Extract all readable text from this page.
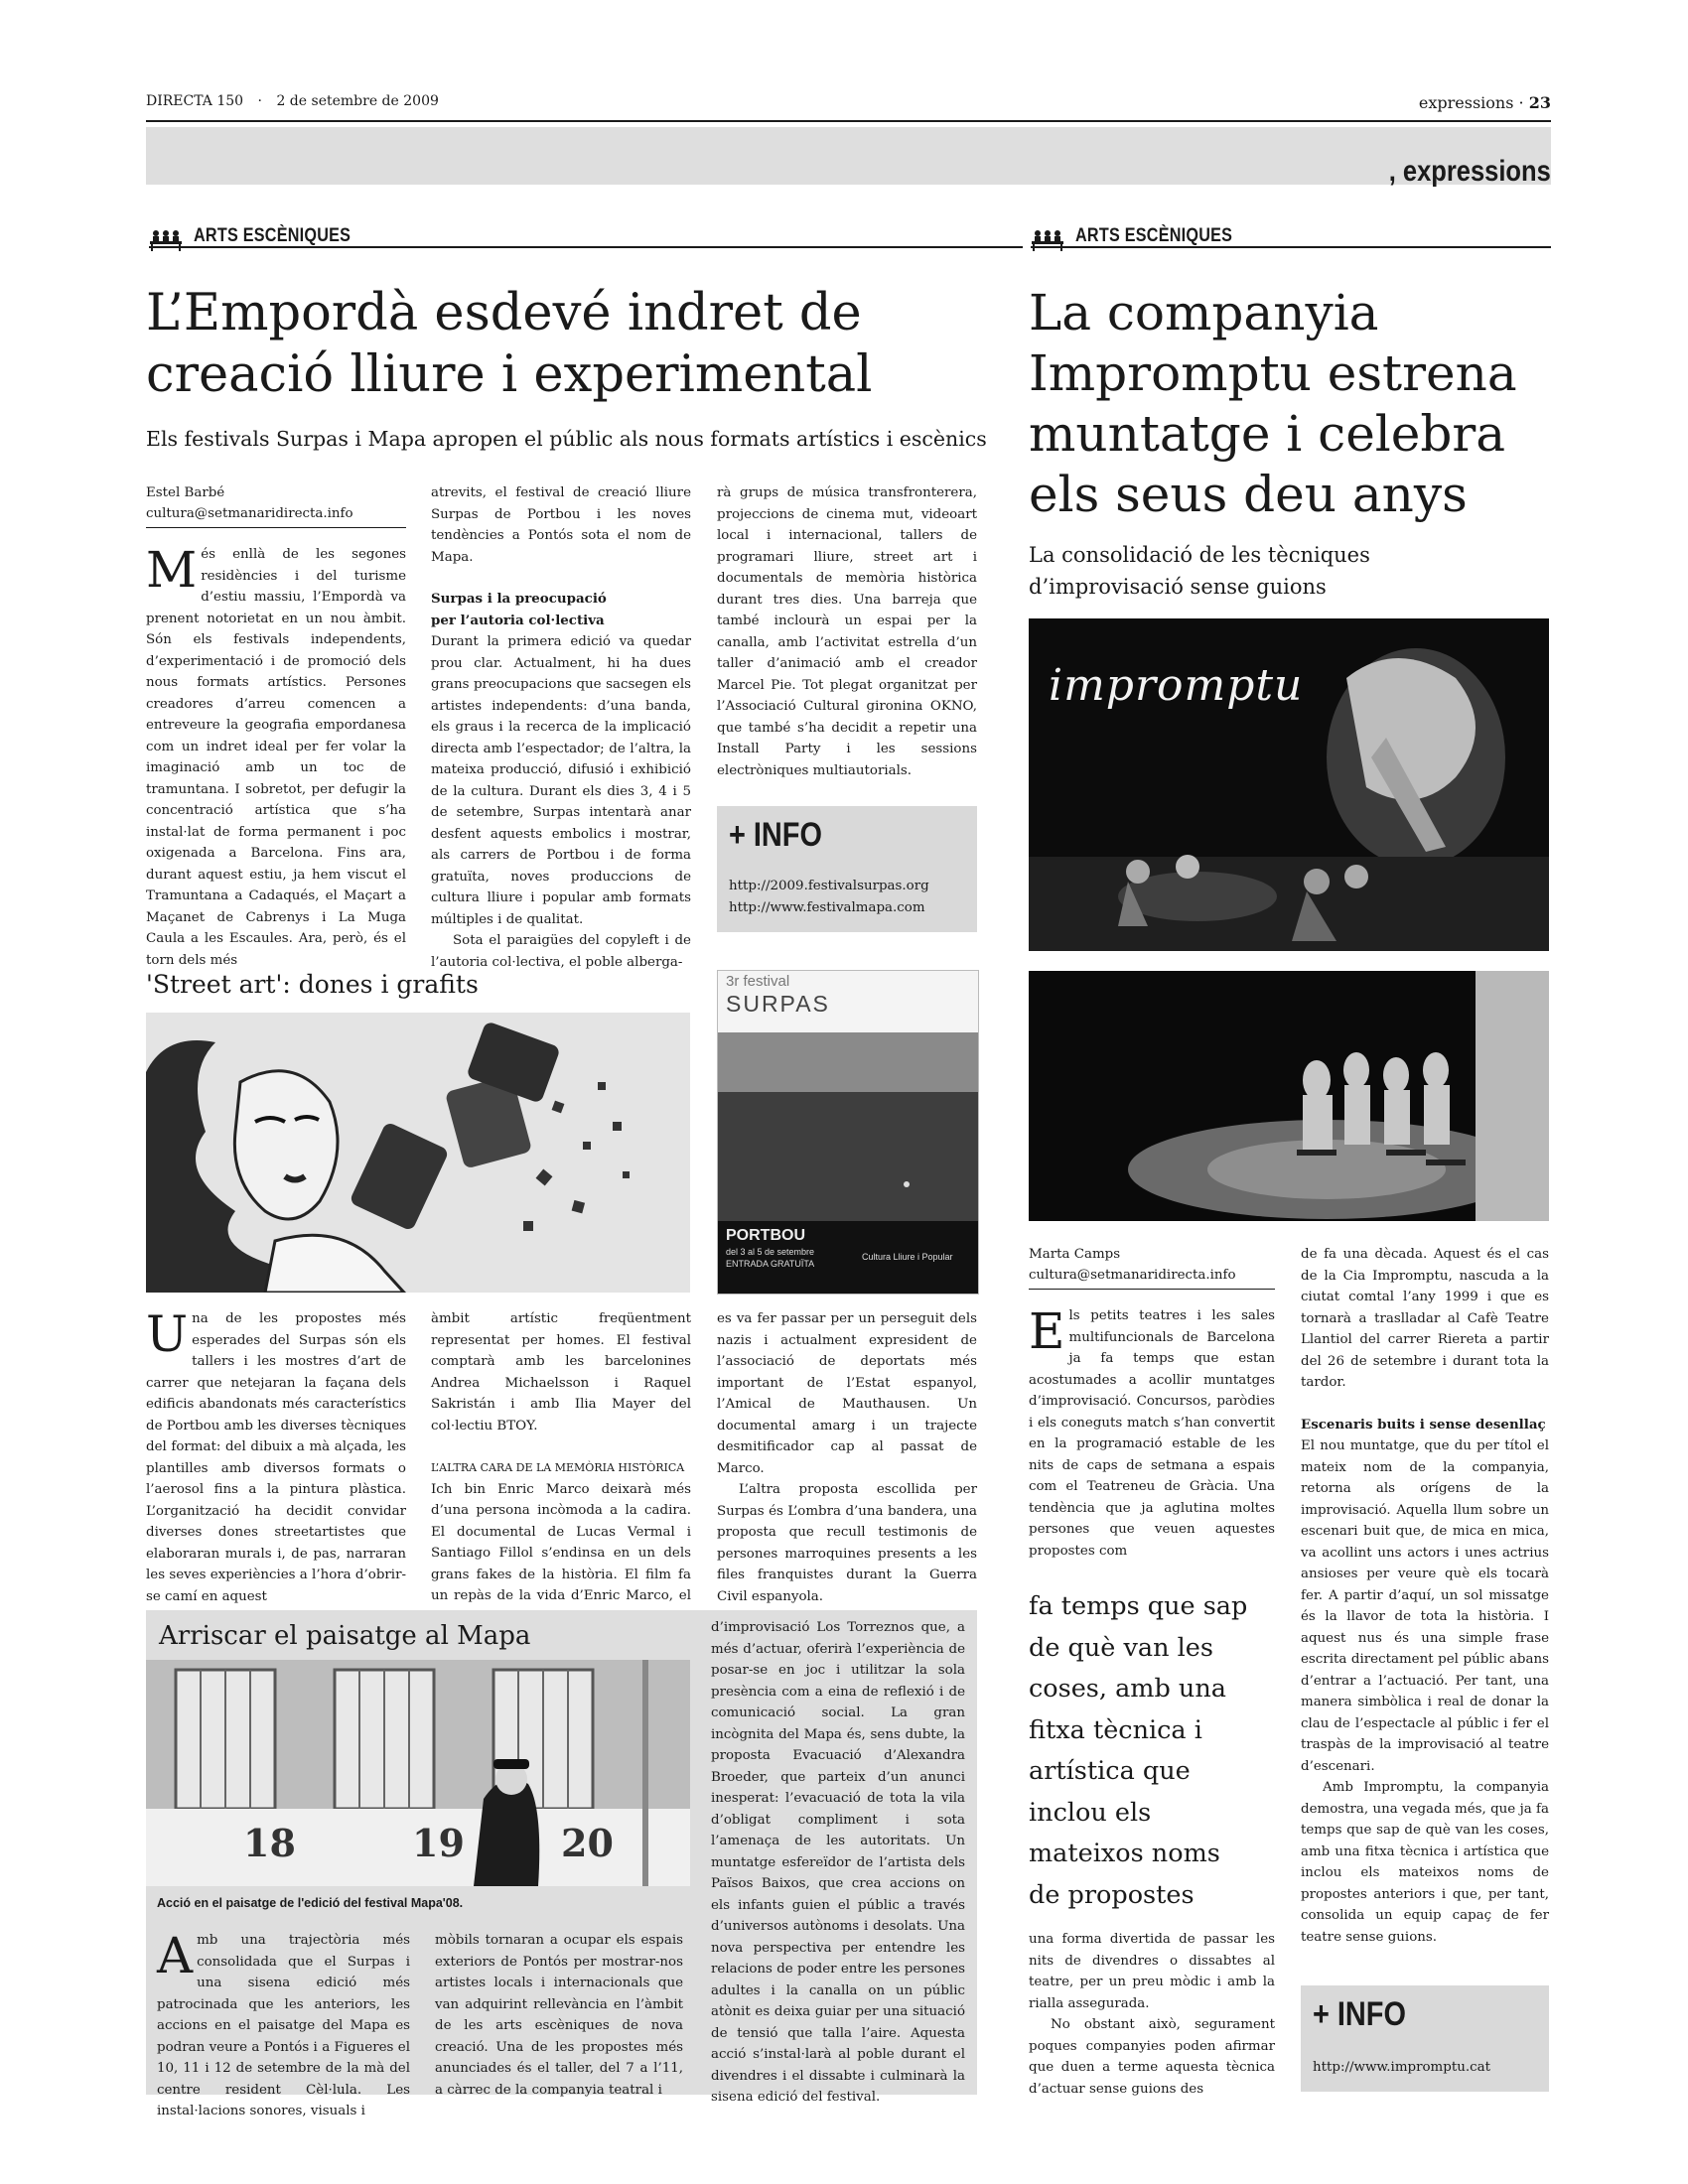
DIRECTA 150 · 2 de setembre de 2009	expressions · 23
, expressions
ARTS ESCÈNIQUES
L’Empordà esdevé indret de
creació lliure i experimental
Els festivals Surpas i Mapa apropen el públic als nous formats artístics i escènics
Estel Barbé
cultura@setmanaridirecta.info

Més enllà de les segones residències i del turisme d’estiu massiu, l’Empordà va prenent notorietat en un nou àmbit. Són els festivals independents, d’experimentació i de promoció dels nous formats artístics. Persones creadores d’arreu comencen a entreveure la geografia empordanesa com un indret ideal per fer volar la imaginació amb un toc de tramuntana. I sobretot, per defugir la concentració artística que s’ha instal·lat de forma permanent i poc oxigenada a Barcelona. Fins ara, durant aquest estiu, ja hem viscut el Tramuntana a Cadaqués, el Maçart a Maçanet de Cabrenys i La Muga Caula a les Escaules. Ara, però, és el torn dels més

atrevits, el festival de creació lliure Surpas de Portbou i les noves tendències a Pontós sota el nom de Mapa.

Surpas i la preocupació

per l’autoria col·lectiva

Durant la primera edició va quedar prou clar. Actualment, hi ha dues grans preocupacions que sacsegen els artistes independents: d’una banda, els graus i la recerca de la implicació directa amb l’espectador; de l’altra, la mateixa producció, difusió i exhibició de la cultura. Durant els dies 3, 4 i 5 de setembre, Surpas intentarà anar desfent aquests embolics i mostrar, als carrers de Portbou i de forma gratuïta, noves produccions de cultura lliure i popular amb formats múltiples i de qualitat.

Sota el paraigües del copyleft i de l’autoria col·lectiva, el poble alberga-

rà grups de música transfronterera, projeccions de cinema mut, videoart local i internacional, tallers de programari lliure, street art i documentals de memòria històrica durant tres dies. Una barreja que també inclourà un espai per la canalla, amb l’activitat estrella d’un taller d’animació amb el creador Marcel Pie. Tot plegat organitzat per l’Associació Cultural gironina OKNO, que també s’ha decidit a repetir una Install Party i les sessions electròniques multiautorials.

+ INFO
http://2009.festivalsurpas.org
http://www.festivalmapa.com
'Street art': dones i grafits	3r festival
SURPAS
PORTBOU
del 3 al 5 de setembre
ENTRADA GRATUÏTA
Cultura Lliure i Popular

Una de les propostes més esperades del Surpas són els tallers i les mostres d’art de carrer que netejaran la façana dels edificis abandonats més característics de Portbou amb les diverses tècniques del format: del dibuix a mà alçada, les plantilles amb diversos formats o l’aerosol fins a la pintura plàstica. L’organització ha decidit convidar diverses dones streetartistes que elaboraran murals i, de pas, narraran les seves experiències a l’hora d’obrir-se camí en aquest

àmbit artístic freqüentment representat per homes. El festival comptarà amb les barcelonines Andrea Michaelsson i Raquel Sakristán i amb Ilia Mayer del col·lectiu BTOY.

L’ALTRA CARA DE LA MEMÒRIA HISTÒRICA

Ich bin Enric Marco deixarà més d’una persona incòmoda a la cadira. El documental de Lucas Vermal i Santiago Fillol s’endinsa en un dels grans fakes de la història. El film fa un repàs de la vida d’Enric Marco, el

es va fer passar per un perseguit dels nazis i actualment expresident de l’associació de deportats més important de l’Estat espanyol, l’Amical de Mauthausen. Un documental amarg i un trajecte desmitificador cap al passat de Marco.

L’altra proposta escollida per Surpas és L’ombra d’una bandera, una proposta que recull testimonis de persones marroquines presents a les files franquistes durant la Guerra Civil espanyola.

Arriscar el paisatge al Mapa
18	19	20
Acció en el paisatge de l'edició del festival Mapa'08.

Amb una trajectòria més consolidada que el Surpas i una sisena edició més patrocinada que les anteriors, les accions en el paisatge del Mapa es podran veure a Pontós i a Figueres el 10, 11 i 12 de setembre de la mà del centre resident Cèl·lula. Les instal·lacions sonores, visuals i

mòbils tornaran a ocupar els espais exteriors de Pontós per mostrar-nos artistes locals i internacionals que van adquirint rellevància en l’àmbit de les arts escèniques de nova creació. Una de les propostes més anunciades és el taller, del 7 a l’11, a càrrec de la companyia teatral i

d’improvisació Los Torreznos que, a més d’actuar, oferirà l’experiència de posar-se en joc i utilitzar la sola presència com a eina de reflexió i de comunicació social. La gran incògnita del Mapa és, sens dubte, la proposta Evacuació d’Alexandra Broeder, que parteix d’un anunci inesperat: l’evacuació de tota la vila d’obligat compliment i sota l’amenaça de les autoritats. Un muntatge esfereïdor de l’artista dels Països Baixos, que crea accions on els infants guien el públic a través d’universos autònoms i desolats. Una nova perspectiva per entendre les relacions de poder entre les persones adultes i la canalla on un públic atònit es deixa guiar per una situació de tensió que talla l’aire. Aquesta acció s’instal·larà al poble durant el divendres i el dissabte i culminarà la sisena edició del festival.

ARTS ESCÈNIQUES
La companyia
Impromptu estrena
muntatge i celebra
els seus deu anys
La consolidació de les tècniques
d’improvisació sense guions
impromptu
Marta Camps
cultura@setmanaridirecta.info

Els petits teatres i les sales multifuncionals de Barcelona ja fa temps que estan acostumades a acollir muntatges d’improvisació. Concursos, paròdies i els coneguts match s’han convertit en la programació estable de les nits de caps de setmana a espais com el Teatreneu de Gràcia. Una tendència que ja aglutina moltes persones que veuen aquestes propostes com

fa temps que sap
de què van les
coses, amb una
fitxa tècnica i
artística que
inclou els
mateixos noms
de propostes

una forma divertida de passar les nits de divendres o dissabtes al teatre, per un preu mòdic i amb la rialla assegurada.

No obstant això, segurament poques companyies poden afirmar que duen a terme aquesta tècnica d’actuar sense guions des

de fa una dècada. Aquest és el cas de la Cia Impromptu, nascuda a la ciutat comtal l’any 1999 i que es tornarà a traslladar al Cafè Teatre Llantiol del carrer Riereta a partir del 26 de setembre i durant tota la tardor.

Escenaris buits i sense desenllaç

El nou muntatge, que du per títol el mateix nom de la companyia, retorna als orígens de la improvisació. Aquella llum sobre un escenari buit que, de mica en mica, va acollint uns actors i unes actrius ansioses per veure què els tocarà fer. A partir d’aquí, un sol missatge és la llavor de tota la història. I aquest nus és una simple frase escrita directament pel públic abans d’entrar a l’actuació. Per tant, una manera simbòlica i real de donar la clau de l’espectacle al públic i fer el traspàs de la improvisació al teatre d’escenari.

Amb Impromptu, la companyia demostra, una vegada més, que ja fa temps que sap de què van les coses, amb una fitxa tècnica i artística que inclou els mateixos noms de propostes anteriors i que, per tant, consolida un equip capaç de fer teatre sense guions.

+ INFO
http://www.impromptu.cat
